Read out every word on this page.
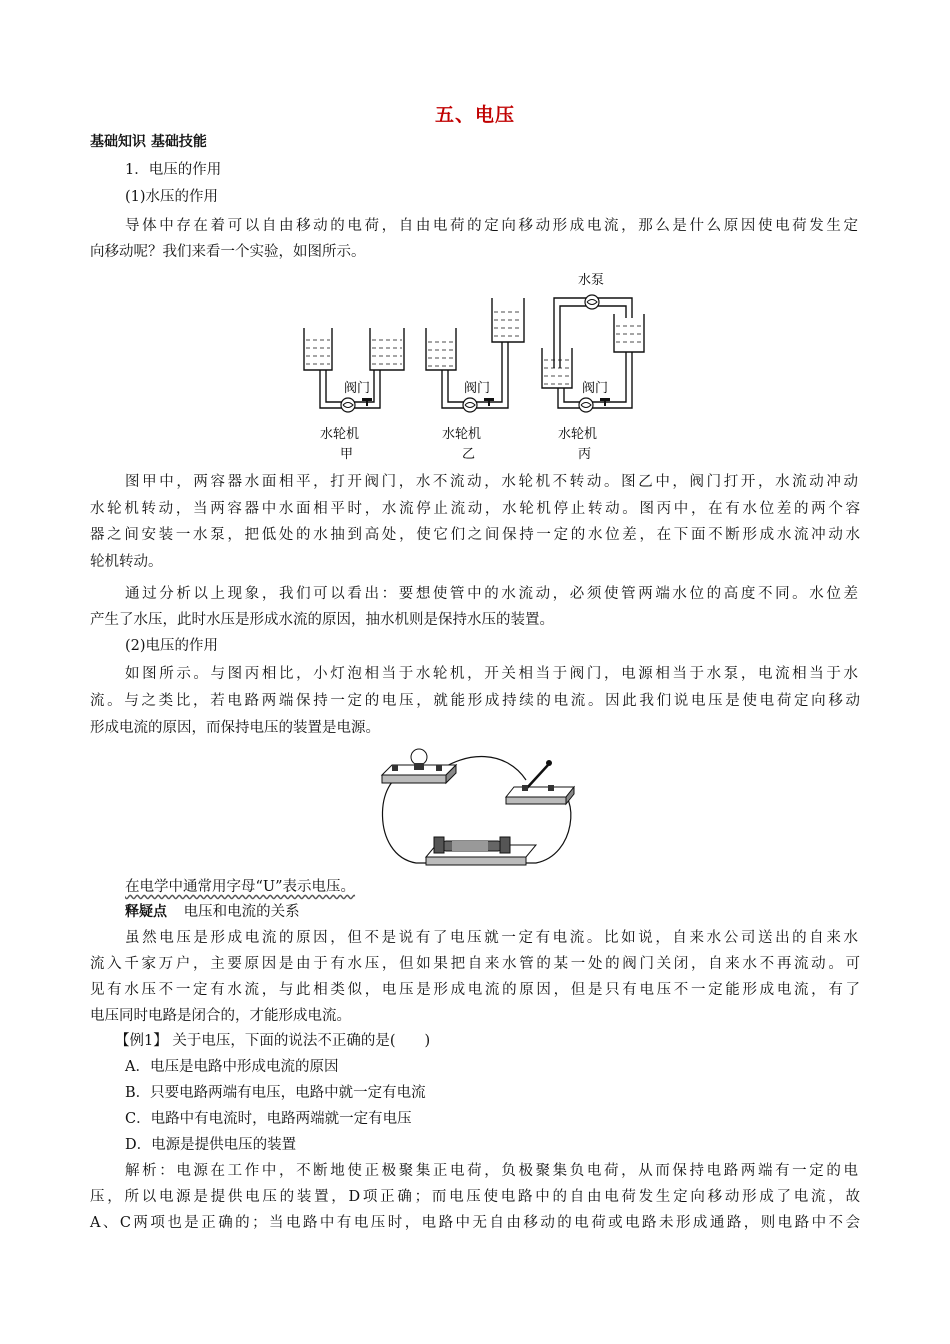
五、电压
基础知识 基础技能
1．电压的作用
(1)水压的作用
导体中存在着可以自由移动的电荷，自由电荷的定向移动形成电流，那么是什么原因使电荷发生定
向移动呢？我们来看一个实验，如图所示。
水泵
阀门	阀门	阀门
水轮机	水轮机	水轮机
甲	乙	丙
图甲中，两容器水面相平，打开阀门，水不流动，水轮机不转动。图乙中，阀门打开，水流动冲动
水轮机转动，当两容器中水面相平时，水流停止流动，水轮机停止转动。图丙中，在有水位差的两个容
器之间安装一水泵，把低处的水抽到高处，使它们之间保持一定的水位差，在下面不断形成水流冲动水
轮机转动。
通过分析以上现象，我们可以看出：要想使管中的水流动，必须使管两端水位的高度不同。水位差
产生了水压，此时水压是形成水流的原因，抽水机则是保持水压的装置。
(2)电压的作用
如图所示。与图丙相比，小灯泡相当于水轮机，开关相当于阀门，电源相当于水泵，电流相当于水
流。与之类比，若电路两端保持一定的电压，就能形成持续的电流。因此我们说电压是使电荷定向移动
形成电流的原因，而保持电压的装置是电源。
在电学中通常用字母“U”表示电压。
释疑点 电压和电流的关系
虽然电压是形成电流的原因，但不是说有了电压就一定有电流。比如说，自来水公司送出的自来水
流入千家万户，主要原因是由于有水压，但如果把自来水管的某一处的阀门关闭，自来水不再流动。可
见有水压不一定有水流，与此相类似，电压是形成电流的原因，但是只有电压不一定能形成电流，有了
电压同时电路是闭合的，才能形成电流。
【例1】 关于电压，下面的说法不正确的是(　　)
A．电压是电路中形成电流的原因
B．只要电路两端有电压，电路中就一定有电流
C．电路中有电流时，电路两端就一定有电压
D．电源是提供电压的装置
解析：电源在工作中，不断地使正极聚集正电荷，负极聚集负电荷，从而保持电路两端有一定的电
压，所以电源是提供电压的装置，D项正确；而电压使电路中的自由电荷发生定向移动形成了电流，故
A、C两项也是正确的；当电路中有电压时，电路中无自由移动的电荷或电路未形成通路，则电路中不会
